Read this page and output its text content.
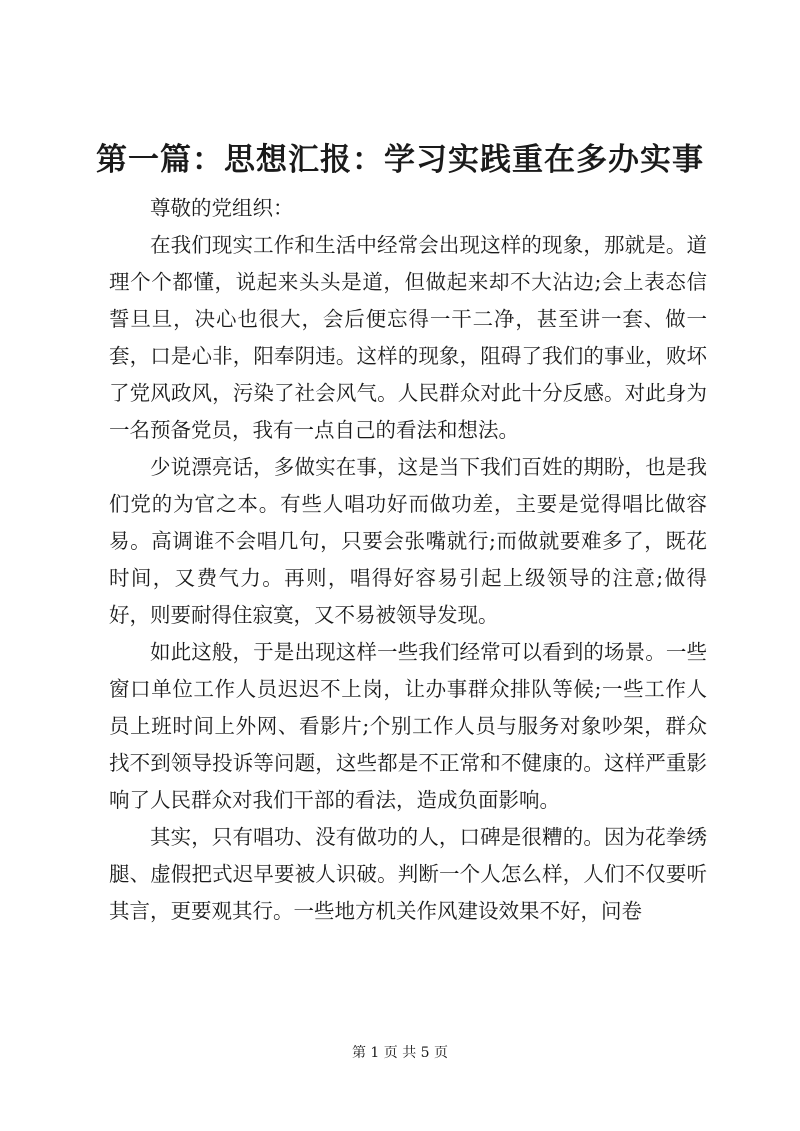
第一篇：思想汇报：学习实践重在多办实事

尊敬的党组织：

在我们现实工作和生活中经常会出现这样的现象，那就是。道理个个都懂，说起来头头是道，但做起来却不大沾边;会上表态信誓旦旦，决心也很大，会后便忘得一干二净，甚至讲一套、做一套，口是心非，阳奉阴违。这样的现象，阻碍了我们的事业，败坏了党风政风，污染了社会风气。人民群众对此十分反感。对此身为一名预备党员，我有一点自己的看法和想法。

少说漂亮话，多做实在事，这是当下我们百姓的期盼，也是我们党的为官之本。有些人唱功好而做功差，主要是觉得唱比做容易。高调谁不会唱几句，只要会张嘴就行;而做就要难多了，既花时间，又费气力。再则，唱得好容易引起上级领导的注意;做得好，则要耐得住寂寞，又不易被领导发现。

如此这般，于是出现这样一些我们经常可以看到的场景。一些窗口单位工作人员迟迟不上岗，让办事群众排队等候;一些工作人员上班时间上外网、看影片;个别工作人员与服务对象吵架，群众找不到领导投诉等问题，这些都是不正常和不健康的。这样严重影响了人民群众对我们干部的看法，造成负面影响。

其实，只有唱功、没有做功的人，口碑是很糟的。因为花拳绣腿、虚假把式迟早要被人识破。判断一个人怎么样，人们不仅要听其言，更要观其行。一些地方机关作风建设效果不好，问卷

第 1 页 共 5 页
